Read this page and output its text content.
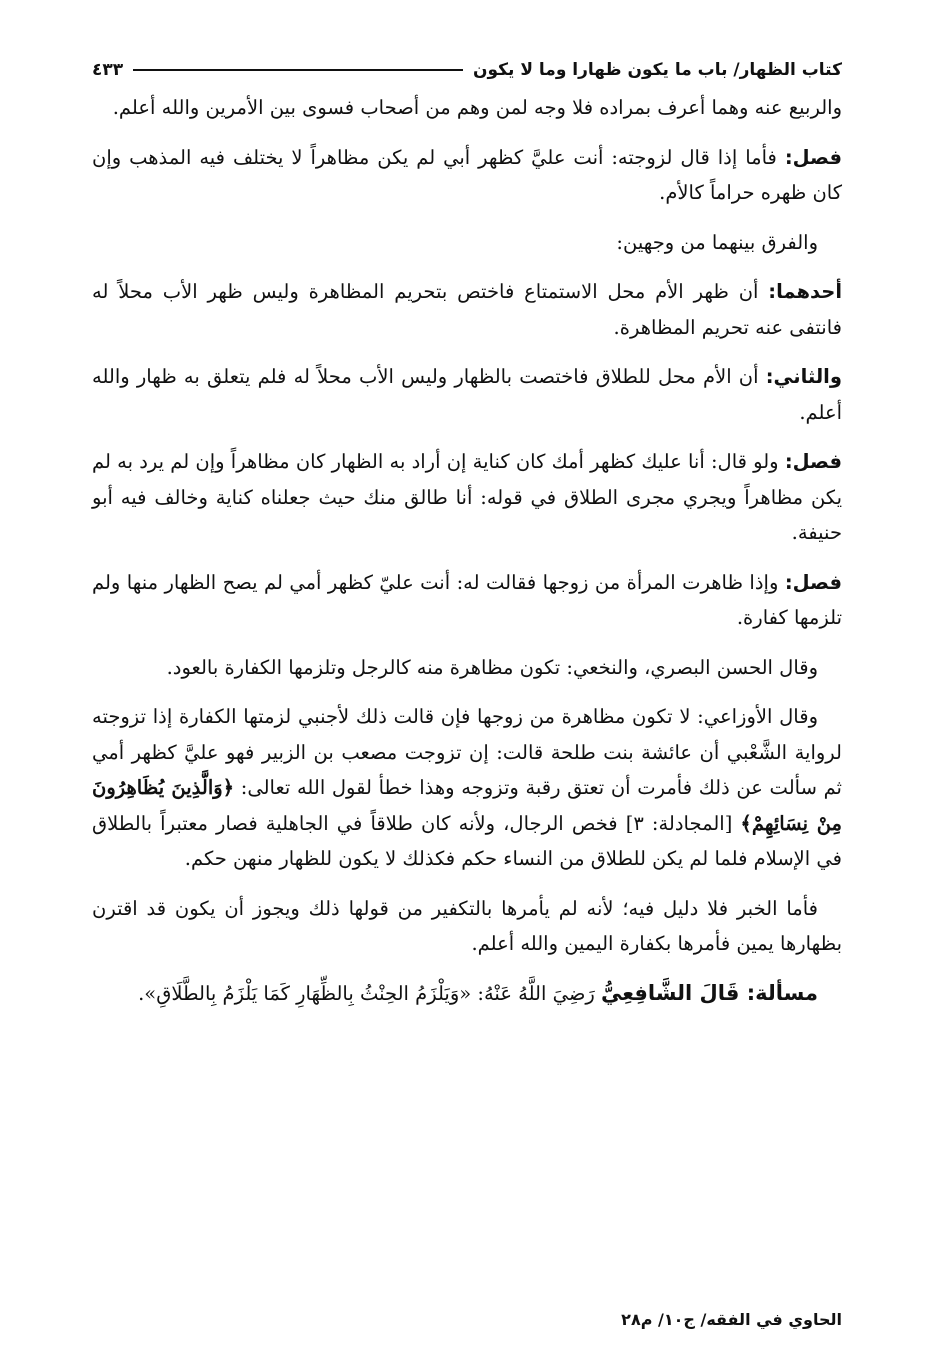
كتاب الظهار/ باب ما يكون ظهارا وما لا يكون
٤٣٣

والربيع عنه وهما أعرف بمراده فلا وجه لمن وهم من أصحاب فسوى بين الأمرين والله أعلم.

فصل: فأما إذا قال لزوجته: أنت عليَّ كظهر أبي لم يكن مظاهراً لا يختلف فيه المذهب وإن كان ظهره حراماً كالأم.

والفرق بينهما من وجهين:

أحدهما: أن ظهر الأم محل الاستمتاع فاختص بتحريم المظاهرة وليس ظهر الأب محلاً له فانتفى عنه تحريم المظاهرة.

والثاني: أن الأم محل للطلاق فاختصت بالظهار وليس الأب محلاً له فلم يتعلق به ظهار والله أعلم.

فصل: ولو قال: أنا عليك كظهر أمك كان كناية إن أراد به الظهار كان مظاهراً وإن لم يرد به لم يكن مظاهراً ويجري مجرى الطلاق في قوله: أنا طالق منك حيث جعلناه كناية وخالف فيه أبو حنيفة.

فصل: وإذا ظاهرت المرأة من زوجها فقالت له: أنت عليّ كظهر أمي لم يصح الظهار منها ولم تلزمها كفارة.

وقال الحسن البصري، والنخعي: تكون مظاهرة منه كالرجل وتلزمها الكفارة بالعود.

وقال الأوزاعي: لا تكون مظاهرة من زوجها فإن قالت ذلك لأجنبي لزمتها الكفارة إذا تزوجته لرواية الشَّعْبي أن عائشة بنت طلحة قالت: إن تزوجت مصعب بن الزبير فهو عليَّ كظهر أمي ثم سألت عن ذلك فأمرت أن تعتق رقبة وتزوجه وهذا خطأ لقول الله تعالى: ﴿وَالَّذِينَ يُظَاهِرُونَ مِنْ نِسَائِهِمْ﴾ [المجادلة: ٣] فخص الرجال، ولأنه كان طلاقاً في الجاهلية فصار معتبراً بالطلاق في الإسلام فلما لم يكن للطلاق من النساء حكم فكذلك لا يكون للظهار منهن حكم.

فأما الخبر فلا دليل فيه؛ لأنه لم يأمرها بالتكفير من قولها ذلك ويجوز أن يكون قد اقترن بظهارها يمين فأمرها بكفارة اليمين والله أعلم.

مسألة: قَالَ الشَّافِعِيُّ رَضِيَ اللَّهُ عَنْهُ: «وَيَلْزَمُ الحِنْثُ بِالظِّهَارِ كَمَا يَلْزَمُ بِالطَّلَاقِ».

الحاوي في الفقه/ ج١٠/ م٢٨
